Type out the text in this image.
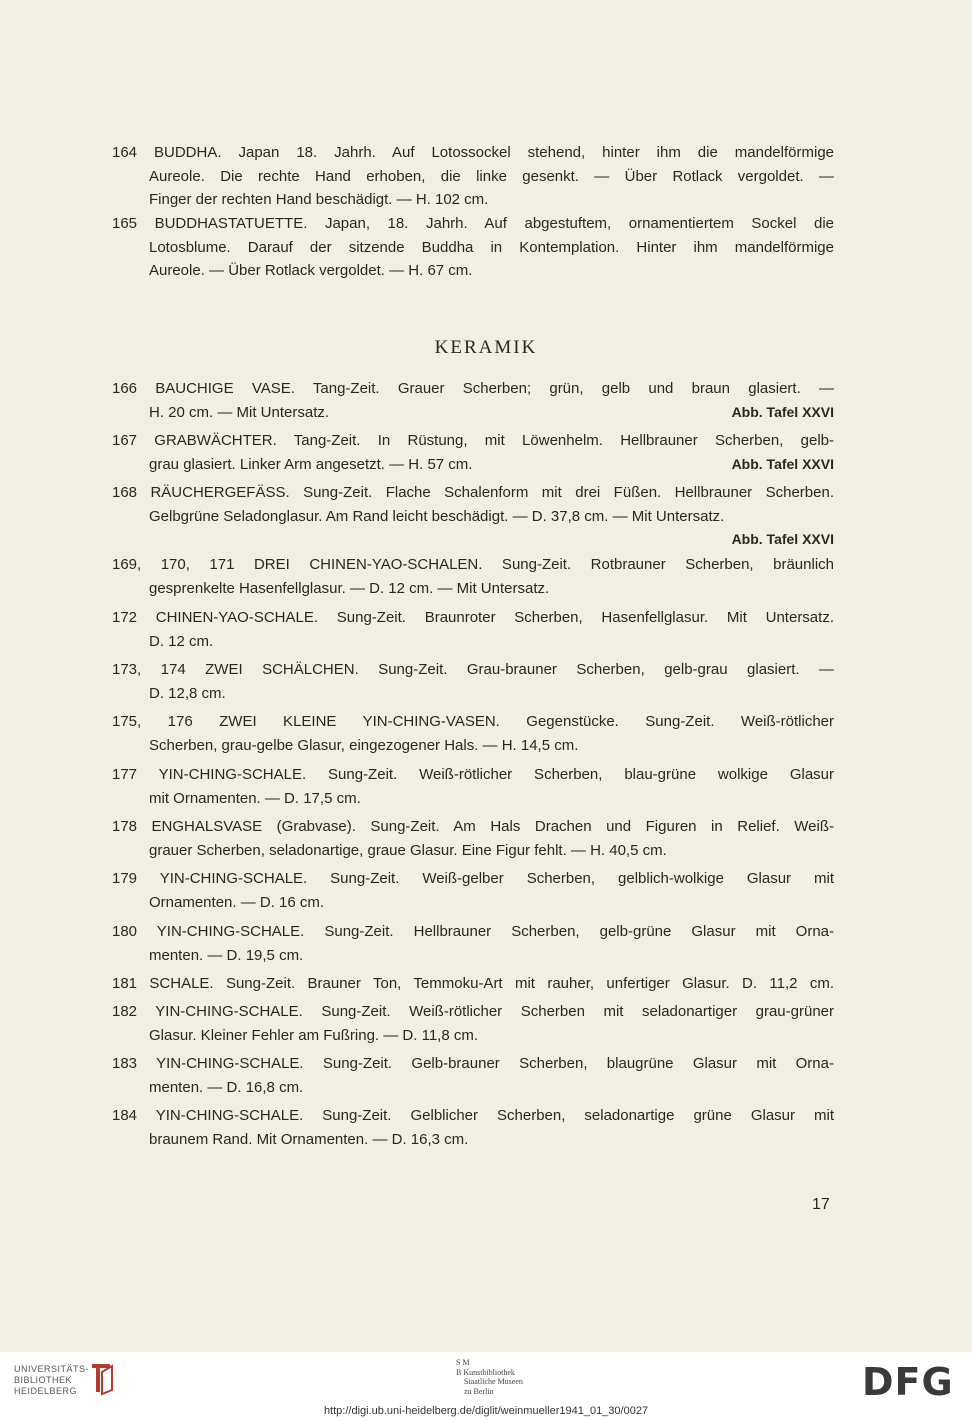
164 BUDDHA. Japan 18. Jahrh. Auf Lotossockel stehend, hinter ihm die mandelförmige
Aureole. Die rechte Hand erhoben, die linke gesenkt. — Über Rotlack vergoldet. —
Finger der rechten Hand beschädigt. — H. 102 cm.
165 BUDDHASTATUETTE. Japan, 18. Jahrh. Auf abgestuftem, ornamentiertem Sockel die
Lotosblume. Darauf der sitzende Buddha in Kontemplation. Hinter ihm mandelförmige
Aureole. — Über Rotlack vergoldet. — H. 67 cm.
KERAMIK
166 BAUCHIGE VASE. Tang-Zeit. Grauer Scherben; grün, gelb und braun glasiert. —
H. 20 cm. — Mit Untersatz.	Abb. Tafel XXVI
167 GRABWÄCHTER. Tang-Zeit. In Rüstung, mit Löwenhelm. Hellbrauner Scherben, gelb-
grau glasiert. Linker Arm angesetzt. — H. 57 cm.	Abb. Tafel XXVI
168 RÄUCHERGEFÄSS. Sung-Zeit. Flache Schalenform mit drei Füßen. Hellbrauner Scherben.
Gelbgrüne Seladonglasur. Am Rand leicht beschädigt. — D. 37,8 cm. — Mit Untersatz.
Abb. Tafel XXVI
169, 170, 171 DREI CHINEN-YAO-SCHALEN. Sung-Zeit. Rotbrauner Scherben, bräunlich
gesprenkelte Hasenfellglasur. — D. 12 cm. — Mit Untersatz.
172 CHINEN-YAO-SCHALE. Sung-Zeit. Braunroter Scherben, Hasenfellglasur. Mit Untersatz.
D. 12 cm.
173, 174 ZWEI SCHÄLCHEN. Sung-Zeit. Grau-brauner Scherben, gelb-grau glasiert. —
D. 12,8 cm.
175, 176 ZWEI KLEINE YIN-CHING-VASEN. Gegenstücke. Sung-Zeit. Weiß-rötlicher
Scherben, grau-gelbe Glasur, eingezogener Hals. — H. 14,5 cm.
177 YIN-CHING-SCHALE. Sung-Zeit. Weiß-rötlicher Scherben, blau-grüne wolkige Glasur
mit Ornamenten. — D. 17,5 cm.
178 ENGHALSVASE (Grabvase). Sung-Zeit. Am Hals Drachen und Figuren in Relief. Weiß-
grauer Scherben, seladonartige, graue Glasur. Eine Figur fehlt. — H. 40,5 cm.
179 YIN-CHING-SCHALE. Sung-Zeit. Weiß-gelber Scherben, gelblich-wolkige Glasur mit
Ornamenten. — D. 16 cm.
180 YIN-CHING-SCHALE. Sung-Zeit. Hellbrauner Scherben, gelb-grüne Glasur mit Orna-
menten. — D. 19,5 cm.
181 SCHALE. Sung-Zeit. Brauner Ton, Temmoku-Art mit rauher, unfertiger Glasur. D. 11,2 cm.
182 YIN-CHING-SCHALE. Sung-Zeit. Weiß-rötlicher Scherben mit seladonartiger grau-grüner
Glasur. Kleiner Fehler am Fußring. — D. 11,8 cm.
183 YIN-CHING-SCHALE. Sung-Zeit. Gelb-brauner Scherben, blaugrüne Glasur mit Orna-
menten. — D. 16,8 cm.
184 YIN-CHING-SCHALE. Sung-Zeit. Gelblicher Scherben, seladonartige grüne Glasur mit
braunem Rand. Mit Ornamenten. — D. 16,3 cm.
17
UNIVERSITÄTS-
BIBLIOTHEK
HEIDELBERG
S M
B Kunstbibliothek
Staatliche Museen
zu Berlin	DFG
http://digi.ub.uni-heidelberg.de/diglit/weinmueller1941_01_30/0027
